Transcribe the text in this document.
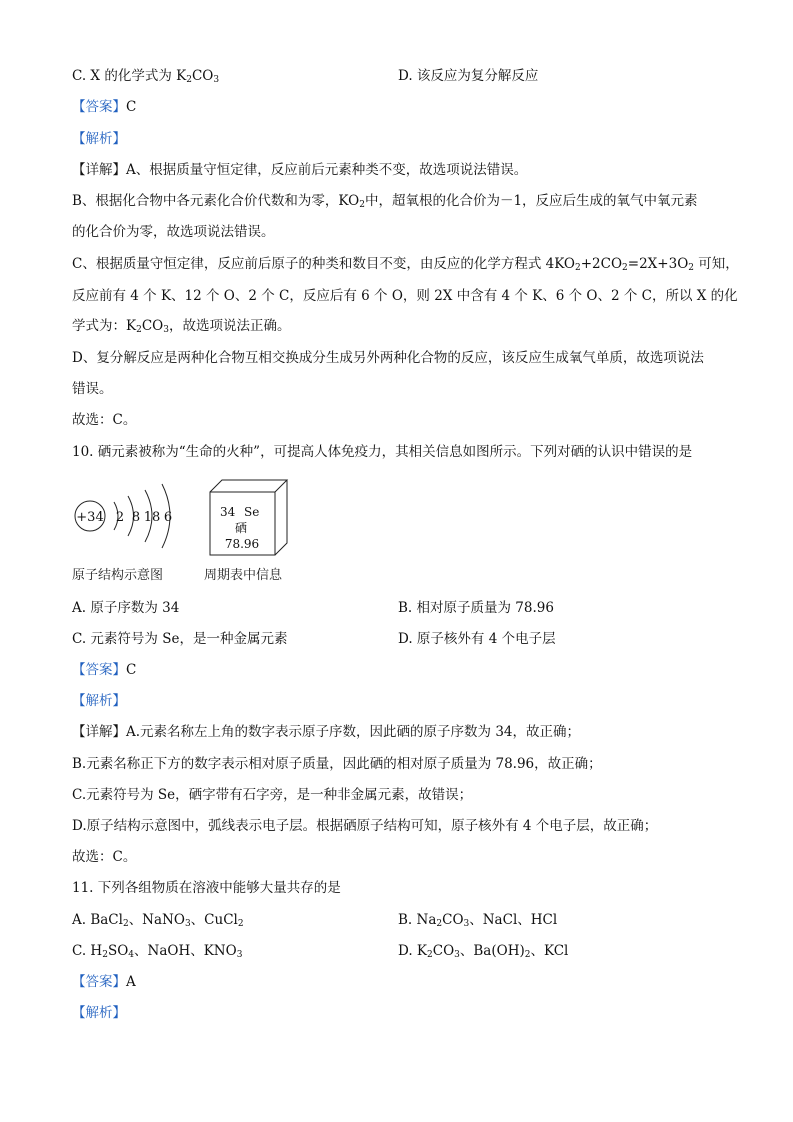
C. X 的化学式为 $K_2CO_3$	D. 该反应为复分解反应
【答案】C
【解析】
【详解】A、根据质量守恒定律，反应前后元素种类不变，故选项说法错误。
B、根据化合物中各元素化合价代数和为零，$KO_2$中，超氧根的化合价为－1，反应后生成的氧气中氧元素
的化合价为零，故选项说法错误。
C、根据质量守恒定律，反应前后原子的种类和数目不变，由反应的化学方程式 $4KO_2+2CO_2=2X+3O_2$ 可知，
反应前有 4 个 K、12 个 O、2 个 C，反应后有 6 个 O，则 2X 中含有 4 个 K、6 个 O、2 个 C，所以 X 的化
学式为：$K_2CO_3$，故选项说法正确。
D、复分解反应是两种化合物互相交换成分生成另外两种化合物的反应，该反应生成氧气单质，故选项说法
错误。
故选：C。
10. 硒元素被称为“生命的火种”，可提高人体免疫力，其相关信息如图所示。下列对硒的认识中错误的是
+34 2 8 18 6	34 Se
硒
78.96
原子结构示意图	周期表中信息
A. 原子序数为 34	B. 相对原子质量为 78.96
C. 元素符号为 Se，是一种金属元素	D. 原子核外有 4 个电子层
【答案】C
【解析】
【详解】A.元素名称左上角的数字表示原子序数，因此硒的原子序数为 34，故正确；
B.元素名称正下方的数字表示相对原子质量，因此硒的相对原子质量为 78.96，故正确；
C.元素符号为 Se，硒字带有石字旁，是一种非金属元素，故错误；
D.原子结构示意图中，弧线表示电子层。根据硒原子结构可知，原子核外有 4 个电子层，故正确；
故选：C。
11. 下列各组物质在溶液中能够大量共存的是
A. BaCl$_2$、NaNO$_3$、CuCl$_2$	B. $Na_2CO_3$、NaCl、HCl
C. $H_2SO_4$、NaOH、$KNO_3$	D. $K_2CO_3$、$Ba(OH)_2$、KCl
【答案】A
【解析】
